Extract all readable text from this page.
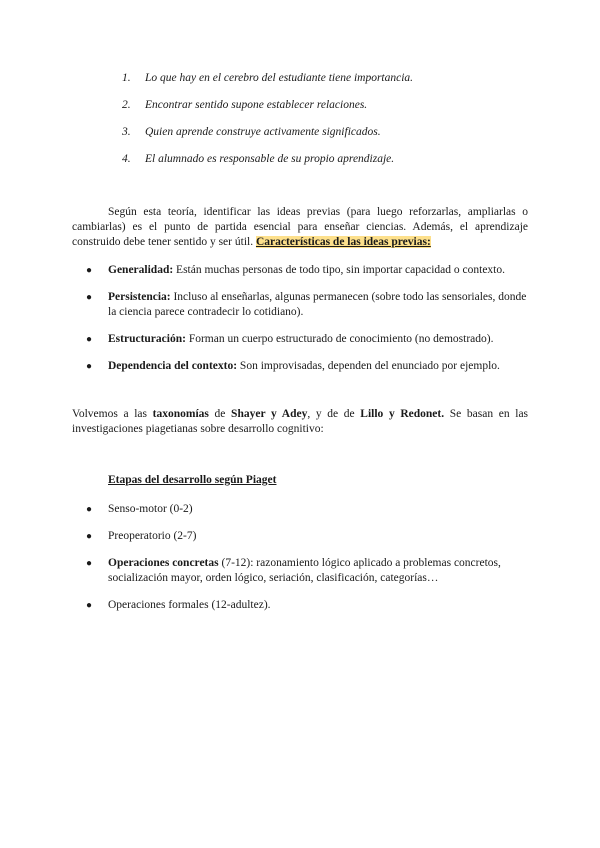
1. Lo que hay en el cerebro del estudiante tiene importancia.
2. Encontrar sentido supone establecer relaciones.
3. Quien aprende construye activamente significados.
4. El alumnado es responsable de su propio aprendizaje.

Según esta teoría, identificar las ideas previas (para luego reforzarlas, ampliarlas o cambiarlas) es el punto de partida esencial para enseñar ciencias. Además, el aprendizaje construido debe tener sentido y ser útil. Características de las ideas previas:

● Generalidad: Están muchas personas de todo tipo, sin importar capacidad o contexto.
● Persistencia: Incluso al enseñarlas, algunas permanecen (sobre todo las sensoriales, donde la ciencia parece contradecir lo cotidiano).
● Estructuración: Forman un cuerpo estructurado de conocimiento (no demostrado).
● Dependencia del contexto: Son improvisadas, dependen del enunciado por ejemplo.

Volvemos a las taxonomías de Shayer y Adey, y de de Lillo y Redonet. Se basan en las investigaciones piagetianas sobre desarrollo cognitivo:

Etapas del desarrollo según Piaget

● Senso-motor (0-2)
● Preoperatorio (2-7)
● Operaciones concretas (7-12): razonamiento lógico aplicado a problemas concretos, socialización mayor, orden lógico, seriación, clasificación, categorías…
● Operaciones formales (12-adultez).
